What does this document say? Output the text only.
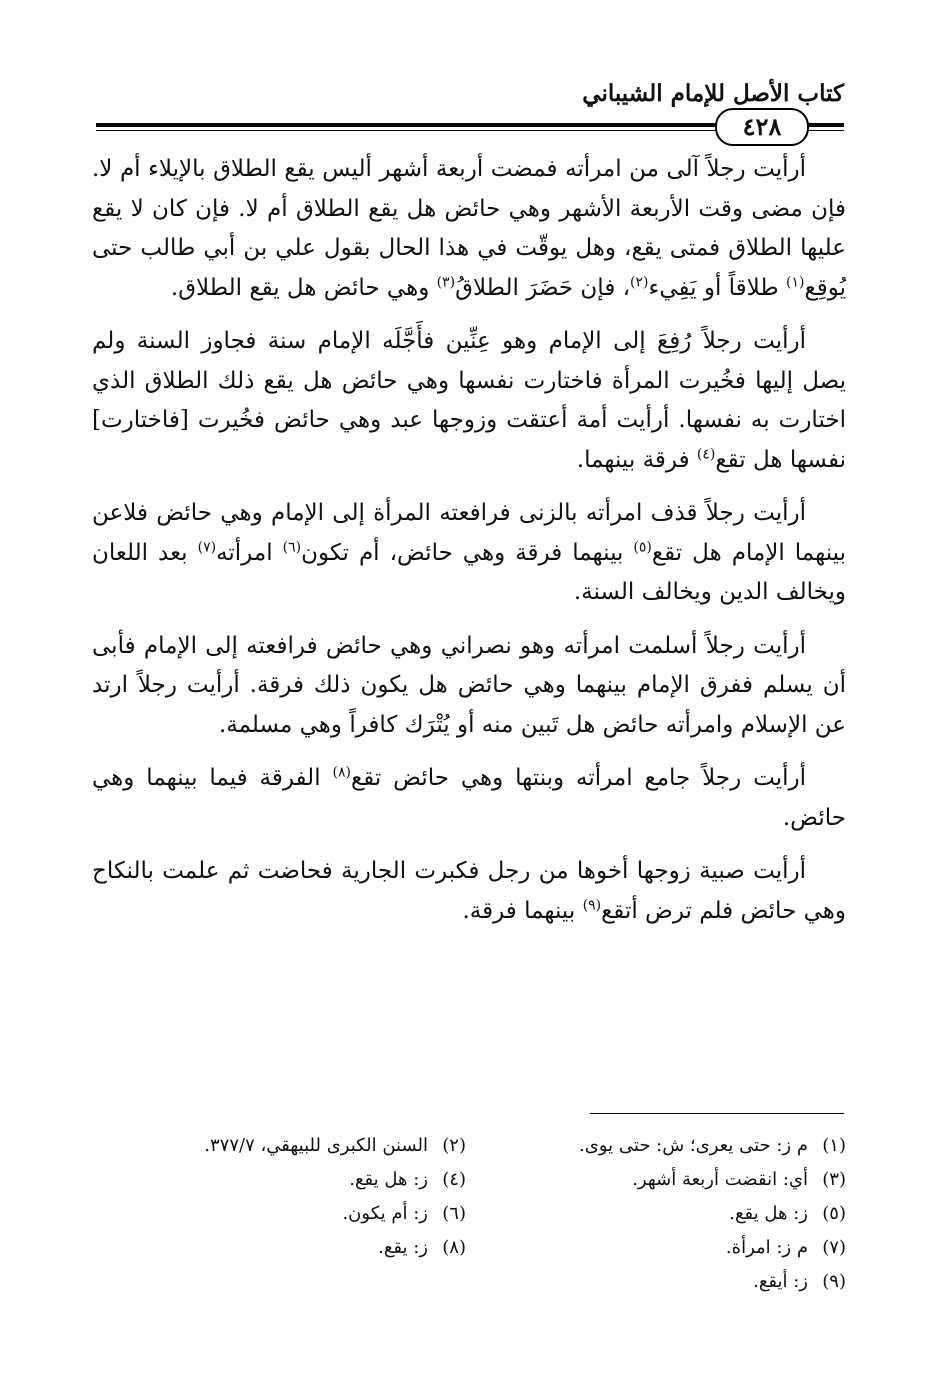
كتاب الأصل للإمام الشيباني
٤٢٨

أرأيت رجلاً آلى من امرأته فمضت أربعة أشهر أليس يقع الطلاق بالإيلاء أم لا. فإن مضى وقت الأربعة الأشهر وهي حائض هل يقع الطلاق أم لا. فإن كان لا يقع عليها الطلاق فمتى يقع، وهل يوقّت في هذا الحال بقول علي بن أبي طالب حتى يُوقِع$^{(١)}$ طلاقاً أو يَفِيء$^{(٢)}$، فإن حَضَرَ الطلاقُ$^{(٣)}$ وهي حائض هل يقع الطلاق.

أرأيت رجلاً رُفِعَ إلى الإمام وهو عِنِّين فأَجَّلَه الإمام سنة فجاوز السنة ولم يصل إليها فخُيرت المرأة فاختارت نفسها وهي حائض هل يقع ذلك الطلاق الذي اختارت به نفسها. أرأيت أمة أعتقت وزوجها عبد وهي حائض فخُيرت [فاختارت] نفسها هل تقع$^{(٤)}$ فرقة بينهما.

أرأيت رجلاً قذف امرأته بالزنى فرافعته المرأة إلى الإمام وهي حائض فلاعن بينهما الإمام هل تقع$^{(٥)}$ بينهما فرقة وهي حائض، أم تكون$^{(٦)}$ امرأته$^{(٧)}$ بعد اللعان ويخالف الدين ويخالف السنة.

أرأيت رجلاً أسلمت امرأته وهو نصراني وهي حائض فرافعته إلى الإمام فأبى أن يسلم ففرق الإمام بينهما وهي حائض هل يكون ذلك فرقة. أرأيت رجلاً ارتد عن الإسلام وامرأته حائض هل تَبين منه أو يُتْرَك كافراً وهي مسلمة.

أرأيت رجلاً جامع امرأته وبنتها وهي حائض تقع$^{(٨)}$ الفرقة فيما بينهما وهي حائض.

أرأيت صبية زوجها أخوها من رجل فكبرت الجارية فحاضت ثم علمت بالنكاح وهي حائض فلم ترض أتقع$^{(٩)}$ بينهما فرقة.

(١)م ز: حتى يعرى؛ ش: حتى يوى.
(٢)السنن الكبرى للبيهقي، ٣٧٧/٧.
(٣)أي: انقضت أربعة أشهر.
(٤)ز: هل يقع.
(٥)ز: هل يقع.
(٦)ز: أم يكون.
(٧)م ز: امرأة.
(٨)ز: يقع.
(٩)ز: أيقع.
